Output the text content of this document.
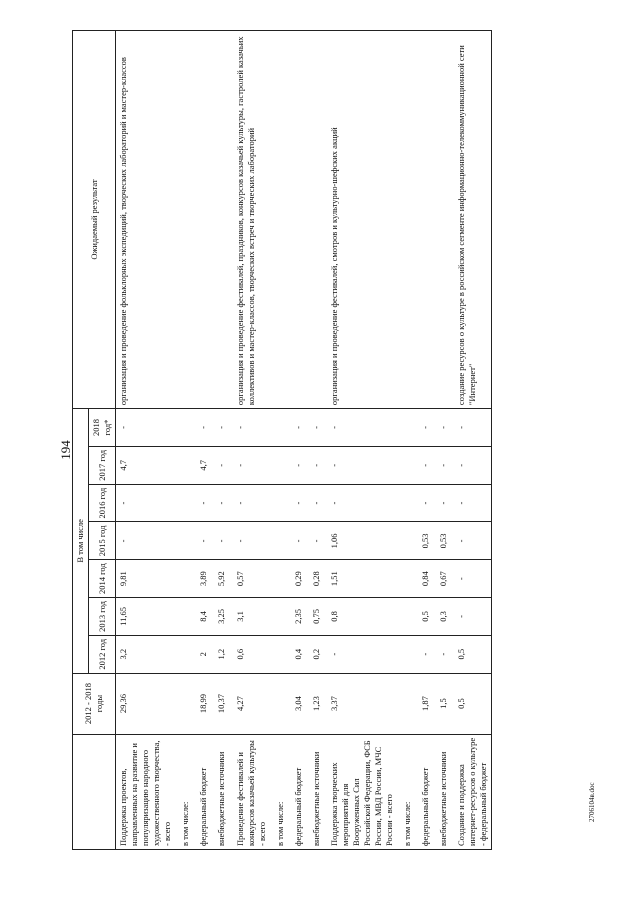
194
	2012 - 2018 годы	В том числе							Ожидаемый результат
		2012 год	2013 год	2014 год	2015 год	2016 год	2017 год	2018 год*	
Поддержка проектов, направленных на развитие и популяризацию народного художественного творчества, - всего	29,36	3,2	11,65	9,81	-	-	4,7	-	организация и проведение фольклорных экспедиций, творческих лабораторий и мастер-классов
в том числе:									
федеральный бюджет	18,99	2	8,4	3,89	-	-	4,7	-	
внебюджетные источники	10,37	1,2	3,25	5,92	-	-	-	-	
Проведение фестивалей и конкурсов казачьей культуры - всего	4,27	0,6	3,1	0,57	-	-	-	-	организация и проведение фестивалей, праздников, конкурсов казачьей культуры, гастролей казачьих коллективов и мастер-классов, творческих встреч и творческих лабораторий
в том числе:									
федеральный бюджет	3,04	0,4	2,35	0,29	-	-	-	-	
внебюджетные источники	1,23	0,2	0,75	0,28	-	-	-	-	
Поддержка творческих мероприятий для Вооруженных Сил Российской Федерации, ФСБ России, МВД России, МЧС России - всего	3,37	-	0,8	1,51	1,06	-	-	-	организация и проведение фестивалей, смотров и культурно-шефских акций
в том числе:									
федеральный бюджет	1,87	-	0,5	0,84	0,53	-	-	-	
внебюджетные источники	1,5	-	0,3	0,67	0,53	-	-	-	
Создание и поддержка интернет-ресурсов о культуре - федеральный бюджет	0,5	0,5	-	-	-	-	-	-	создание ресурсов о культуре в российском сегменте информационно-телекоммуникационной сети "Интернет"
2706104в.doc
